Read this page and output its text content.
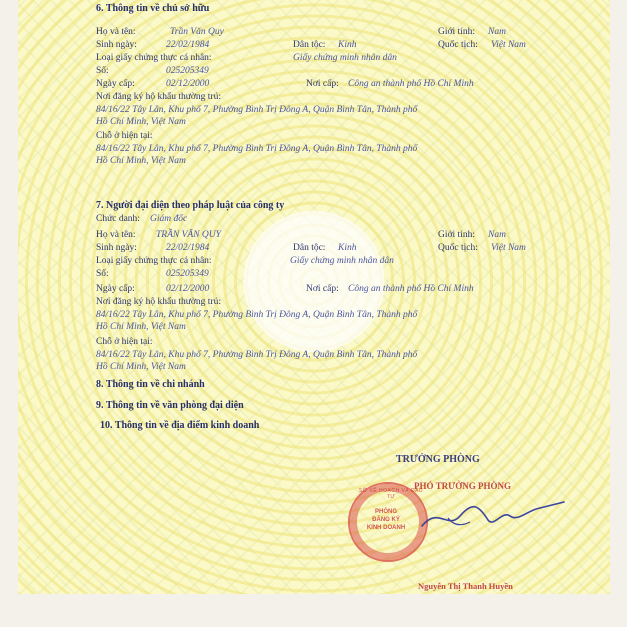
6. Thông tin về chủ sở hữu
Họ và tên:	Trần Văn Quy	Giới tính: Nam
Sinh ngày:	22/02/1984	Dân tộc: Kinh	Quốc tịch: Việt Nam
Loại giấy chứng thực cá nhân:	Giấy chứng minh nhân dân
Số:	025205349
Ngày cấp:	02/12/2000	Nơi cấp: Công an thành phố Hồ Chí Minh
Nơi đăng ký hộ khẩu thường trú:
84/16/22 Tây Lân, Khu phố 7, Phường Bình Trị Đông A, Quận Bình Tân, Thành phố
Hồ Chí Minh, Việt Nam
Chỗ ở hiện tại:
84/16/22 Tây Lân, Khu phố 7, Phường Bình Trị Đông A, Quận Bình Tân, Thành phố
Hồ Chí Minh, Việt Nam
7. Người đại diện theo pháp luật của công ty
Chức danh: Giám đốc
Họ và tên: TRẦN VĂN QUY	Giới tính: Nam
Sinh ngày:	22/02/1984	Dân tộc: Kinh	Quốc tịch: Việt Nam
Loại giấy chứng thực cá nhân:	Giấy chứng minh nhân dân
Số:	025205349
Ngày cấp:	02/12/2000	Nơi cấp: Công an thành phố Hồ Chí Minh
Nơi đăng ký hộ khẩu thường trú:
84/16/22 Tây Lân, Khu phố 7, Phường Bình Trị Đông A, Quận Bình Tân, Thành phố
Hồ Chí Minh, Việt Nam
Chỗ ở hiện tại:
84/16/22 Tây Lân, Khu phố 7, Phường Bình Trị Đông A, Quận Bình Tân, Thành phố
Hồ Chí Minh, Việt Nam
8. Thông tin về chi nhánh
9. Thông tin về văn phòng đại diện
10. Thông tin về địa điểm kinh doanh
TRƯỞNG PHÒNG
PHÓ TRƯỞNG PHÒNG
SỞ KẾ HOẠCH VÀ ĐẦU TƯ
PHÒNG
ĐĂNG KÝ
KINH DOANH
Nguyễn Thị Thanh Huyền
